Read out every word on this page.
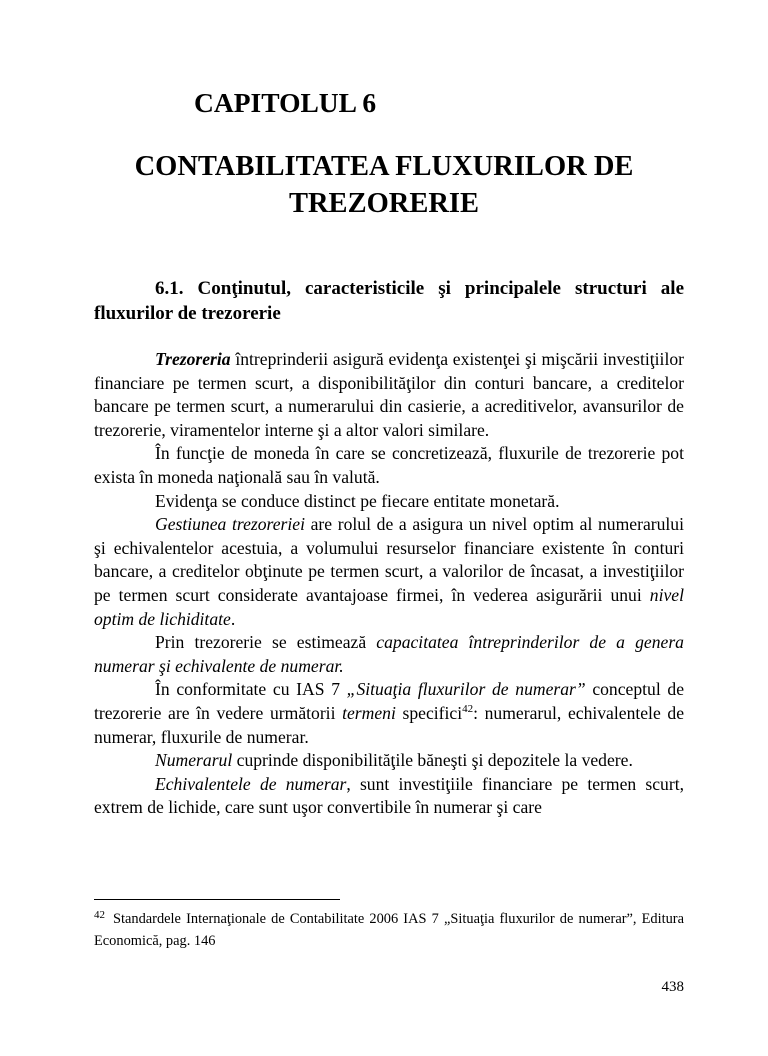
CAPITOLUL 6
CONTABILITATEA FLUXURILOR DE
TREZORERIE

6.1. Conţinutul, caracteristicile şi principalele structuri ale fluxurilor de trezorerie

Trezoreria întreprinderii asigură evidenţa existenţei şi mişcării investiţiilor financiare pe termen scurt, a disponibilităţilor din conturi bancare, a creditelor bancare pe termen scurt, a numerarului din casierie, a acreditivelor, avansurilor de trezorerie, viramentelor interne şi a altor valori similare.

În funcţie de moneda în care se concretizează, fluxurile de trezorerie pot exista în moneda naţională sau în valută.

Evidenţa se conduce distinct pe fiecare entitate monetară.

Gestiunea trezoreriei are rolul de a asigura un nivel optim al numerarului şi echivalentelor acestuia, a volumului resurselor financiare existente în conturi bancare, a creditelor obţinute pe termen scurt, a valorilor de încasat, a investiţiilor pe termen scurt considerate avantajoase firmei, în vederea asigurării unui nivel optim de lichiditate.

Prin trezorerie se estimează capacitatea întreprinderilor de a genera numerar şi echivalente de numerar.

În conformitate cu IAS 7 „Situaţia fluxurilor de numerar” conceptul de trezorerie are în vedere următorii termeni specifici$^{42}$: numerarul, echivalentele de numerar, fluxurile de numerar.

Numerarul cuprinde disponibilităţile băneşti şi depozitele la vedere.

Echivalentele de numerar, sunt investiţiile financiare pe termen scurt, extrem de lichide, care sunt uşor convertibile în numerar şi care

$^{42}$ Standardele Internaţionale de Contabilitate 2006 IAS 7 „Situaţia fluxurilor de numerar”, Editura Economică, pag. 146
438
